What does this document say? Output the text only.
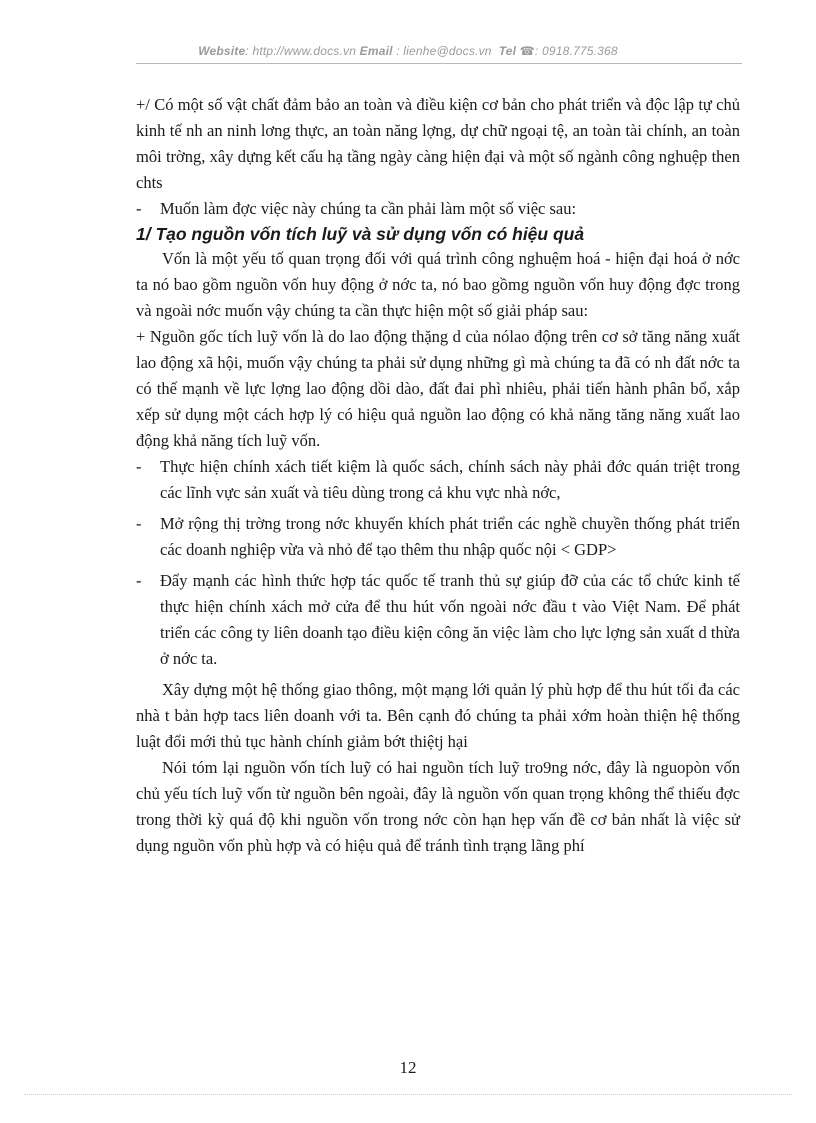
Website: http://www.docs.vn Email : lienhe@docs.vn Tel ☎: 0918.775.368

+/ Có một số vật chất đảm bảo an toàn và điều kiện cơ bản cho phát triển và độc lập tự chủ kinh tế nh an ninh lơng thực, an toàn năng lợng, dự chữ ngoại tệ, an toàn tài chính, an toàn môi trờng, xây dựng kết cấu hạ tầng ngày càng hiện đại và một số ngành công nghuệp then chts

-	Muốn làm đợc việc này chúng ta cần phải làm một số việc sau:

1/ Tạo nguồn vốn tích luỹ và sử dụng vốn có hiệu quả

Vốn là một yếu tố quan trọng đối với quá trình công nghuệm hoá - hiện đại hoá ở nớc ta nó bao gồm nguồn vốn huy động ở nớc ta, nó bao gồmg nguồn vốn huy động đợc trong và ngoài nớc muốn vậy chúng ta cần thực hiện một số giải pháp sau:

+ Nguồn gốc tích luỹ vốn là do lao động thặng d của nólao động trên cơ sở tăng năng xuất lao động xã hội, muốn vậy chúng ta phải sử dụng những gì mà chúng ta đã có nh đất nớc ta có thế mạnh về lực lợng lao động dồi dào, đất đai phì nhiêu, phải tiến hành phân bổ, xắp xếp sử dụng một cách hợp lý có hiệu quả nguồn lao động có khả năng tăng năng xuất lao động khả năng tích luỹ vốn.

-	Thực hiện chính xách tiết kiệm là quốc sách, chính sách này phải đớc quán triệt trong các lĩnh vực sản xuất và tiêu dùng trong cả khu vực nhà nớc,
-	Mở rộng thị trờng trong nớc khuyến khích phát triển các nghề chuyền thống phát triển các doanh nghiệp vừa và nhỏ để tạo thêm thu nhập quốc nội < GDP>
-	Đẩy mạnh các hình thức hợp tác quốc tế tranh thủ sự giúp đỡ của các tổ chức kinh tế thực hiện chính xách mở cửa để thu hút vốn ngoài nớc đầu t vào Việt Nam. Để phát triển các công ty liên doanh tạo điều kiện công ăn việc làm cho lực lợng sản xuất d thừa ở nớc ta.

Xây dựng một hệ thống giao thông, một mạng lới quản lý phù hợp để thu hút tối đa các nhà t bản hợp tacs liên doanh với ta. Bên cạnh đó chúng ta phải xớm hoàn thiện hệ thống luật đổi mới thủ tục hành chính giảm bớt thiệtj hại

Nói tóm lại nguồn vốn tích luỹ có hai nguồn tích luỹ tro9ng nớc, đây là nguopòn vốn chủ yếu tích luỹ vốn từ nguồn bên ngoài, đây là nguồn vốn quan trọng không thể thiếu đợc trong thời kỳ quá độ khi nguồn vốn trong nớc còn hạn hẹp vấn đề cơ bản nhất là việc sử dụng nguồn vốn phù hợp và có hiệu quả để tránh tình trạng lãng phí

12
